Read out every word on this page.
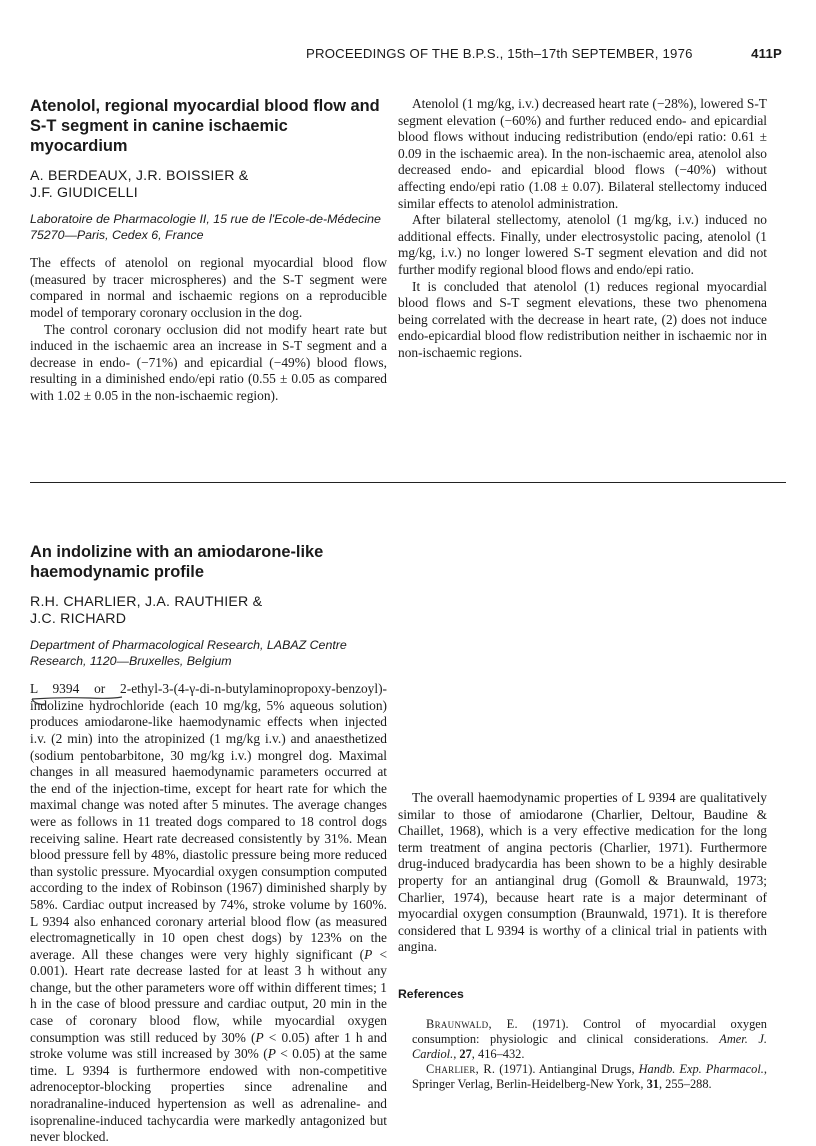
PROCEEDINGS OF THE B.P.S., 15th–17th SEPTEMBER, 1976	411P
Atenolol, regional myocardial blood flow and S-T segment in canine ischaemic myocardium
A. BERDEAUX, J.R. BOISSIER &
J.F. GIUDICELLI
Laboratoire de Pharmacologie II, 15 rue de l'Ecole-de-Médecine 75270—Paris, Cedex 6, France

The effects of atenolol on regional myocardial blood flow (measured by tracer microspheres) and the S-T segment were compared in normal and ischaemic regions on a reproducible model of temporary coronary occlusion in the dog.

The control coronary occlusion did not modify heart rate but induced in the ischaemic area an increase in S-T segment and a decrease in endo- (−71%) and epicardial (−49%) blood flows, resulting in a diminished endo/epi ratio (0.55 ± 0.05 as compared with 1.02 ± 0.05 in the non-ischaemic region).

Atenolol (1 mg/kg, i.v.) decreased heart rate (−28%), lowered S-T segment elevation (−60%) and further reduced endo- and epicardial blood flows without inducing redistribution (endo/epi ratio: 0.61 ± 0.09 in the ischaemic area). In the non-ischaemic area, atenolol also decreased endo- and epicardial blood flows (−40%) without affecting endo/epi ratio (1.08 ± 0.07). Bilateral stellectomy induced similar effects to atenolol administration.

After bilateral stellectomy, atenolol (1 mg/kg, i.v.) induced no additional effects. Finally, under electrosystolic pacing, atenolol (1 mg/kg, i.v.) no longer lowered S-T segment elevation and did not further modify regional blood flows and endo/epi ratio.

It is concluded that atenolol (1) reduces regional myocardial blood flows and S-T segment elevations, these two phenomena being correlated with the decrease in heart rate, (2) does not induce endo-epicardial blood flow redistribution neither in ischaemic nor in non-ischaemic regions.

An indolizine with an amiodarone-like haemodynamic profile
R.H. CHARLIER, J.A. RAUTHIER &
J.C. RICHARD
Department of Pharmacological Research, LABAZ Centre Research, 1120—Bruxelles, Belgium

L 9394
or 2-ethyl-3-(4-γ-di-n-butylaminopropoxy-benzoyl)-indolizine hydrochloride (each 10 mg/kg, 5% aqueous solution) produces amiodarone-like haemodynamic effects when injected i.v. (2 min) into the atropinized (1 mg/kg i.v.) and anaesthetized (sodium pentobarbitone, 30 mg/kg i.v.) mongrel dog. Maximal changes in all measured haemodynamic parameters occurred at the end of the injection-time, except for heart rate for which the maximal change was noted after 5 minutes. The average changes were as follows in 11 treated dogs compared to 18 control dogs receiving saline. Heart rate decreased consistently by 31%. Mean blood pressure fell by 48%, diastolic pressure being more reduced than systolic pressure. Myocardial oxygen consumption computed according to the index of Robinson (1967) diminished sharply by 58%. Cardiac output increased by 74%, stroke volume by 160%. L 9394 also enhanced coronary arterial blood flow (as measured electromagnetically in 10 open chest dogs) by 123% on the average. All these changes were very highly significant (P < 0.001). Heart rate decrease lasted for at least 3 h without any change, but the other parameters wore off within different times; 1 h in the case of blood pressure and cardiac output, 20 min in the case of coronary blood flow, while myocardial oxygen consumption was still reduced by 30% (P < 0.05) after 1 h and stroke volume was still increased by 30% (P < 0.05) at the same time. L 9394 is furthermore endowed with non-competitive adrenoceptor-blocking properties since adrenaline and noradranaline-induced hypertension as well as adrenaline- and isoprenaline-induced tachycardia were markedly antagonized but never blocked.

The overall haemodynamic properties of L 9394 are qualitatively similar to those of amiodarone (Charlier, Deltour, Baudine & Chaillet, 1968), which is a very effective medication for the long term treatment of angina pectoris (Charlier, 1971). Furthermore drug-induced bradycardia has been shown to be a highly desirable property for an antianginal drug (Gomoll & Braunwald, 1973; Charlier, 1974), because heart rate is a major determinant of myocardial oxygen consumption (Braunwald, 1971). It is therefore considered that L 9394 is worthy of a clinical trial in patients with angina.

References

Braunwald, E. (1971). Control of myocardial oxygen consumption: physiologic and clinical considerations. Amer. J. Cardiol., 27, 416–432.

Charlier, R. (1971). Antianginal Drugs, Handb. Exp. Pharmacol., Springer Verlag, Berlin-Heidelberg-New York, 31, 255–288.
